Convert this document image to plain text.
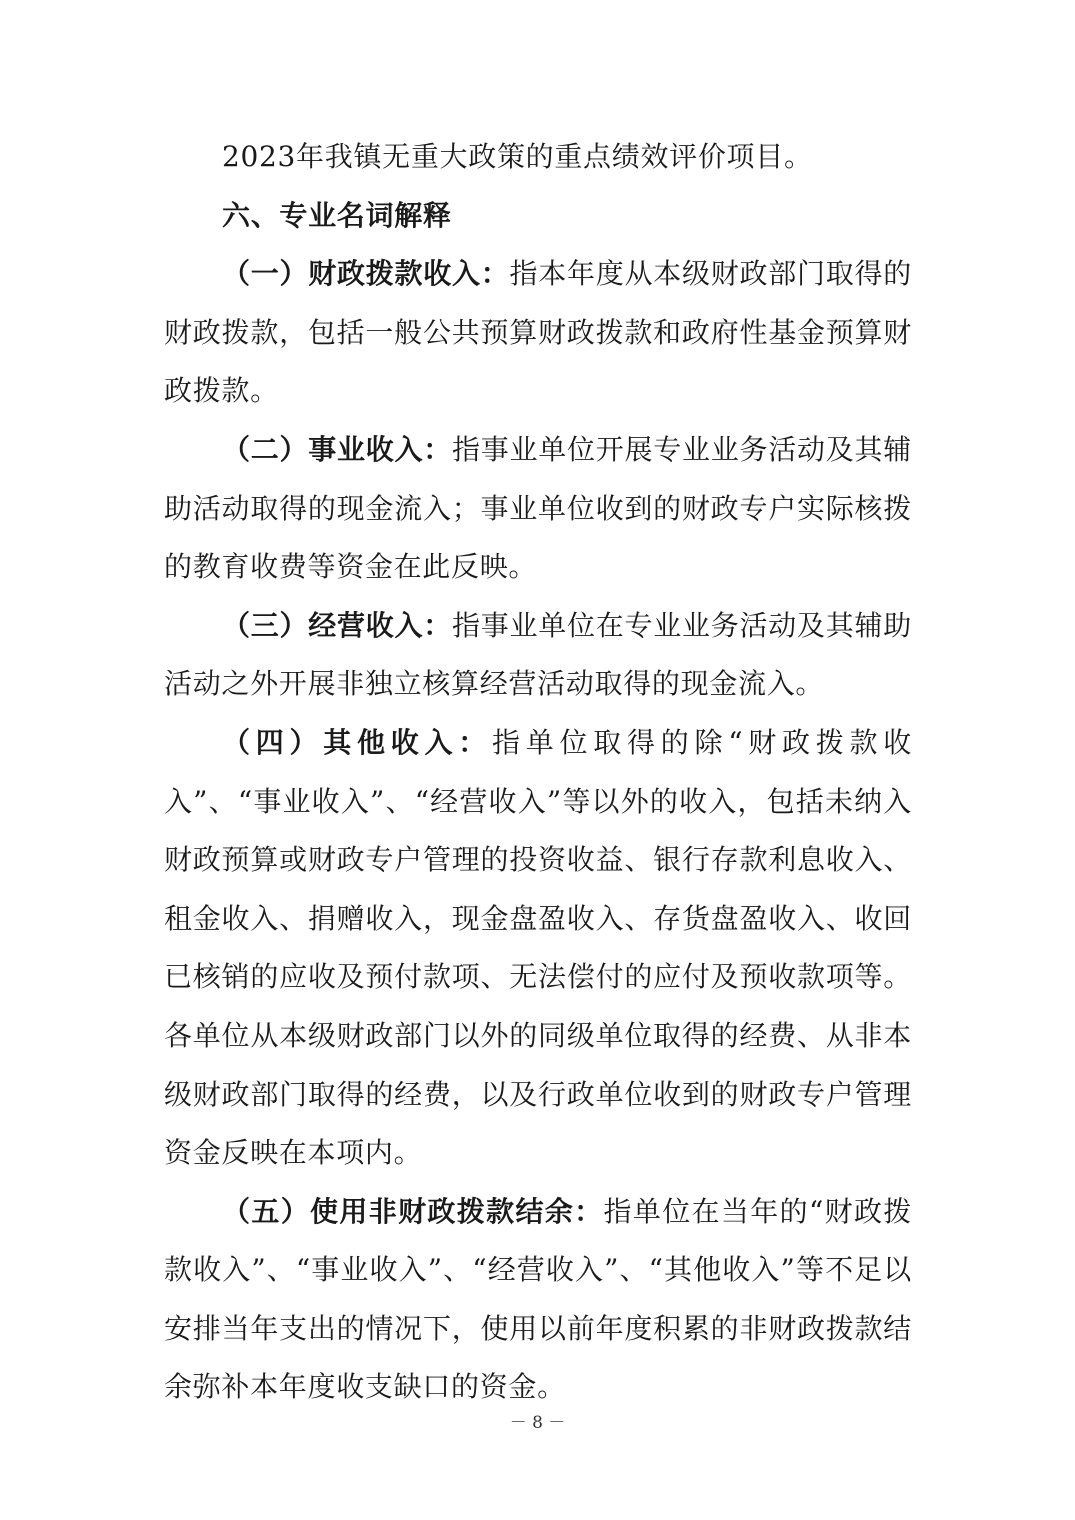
2023年我镇无重大政策的重点绩效评价项目。

六、专业名词解释

（一）财政拨款收入：指本年度从本级财政部门取得的财政拨款，包括一般公共预算财政拨款和政府性基金预算财政拨款。

（二）事业收入：指事业单位开展专业业务活动及其辅助活动取得的现金流入；事业单位收到的财政专户实际核拨的教育收费等资金在此反映。

（三）经营收入：指事业单位在专业业务活动及其辅助活动之外开展非独立核算经营活动取得的现金流入。

（四）其他收入：指单位取得的除“财政拨款收入”、“事业收入”、“经营收入”等以外的收入，包括未纳入财政预算或财政专户管理的投资收益、银行存款利息收入、租金收入、捐赠收入，现金盘盈收入、存货盘盈收入、收回已核销的应收及预付款项、无法偿付的应付及预收款项等。各单位从本级财政部门以外的同级单位取得的经费、从非本级财政部门取得的经费，以及行政单位收到的财政专户管理资金反映在本项内。

（五）使用非财政拨款结余：指单位在当年的“财政拨款收入”、“事业收入”、“经营收入”、“其他收入”等不足以安排当年支出的情况下，使用以前年度积累的非财政拨款结余弥补本年度收支缺口的资金。

－ 8 －
